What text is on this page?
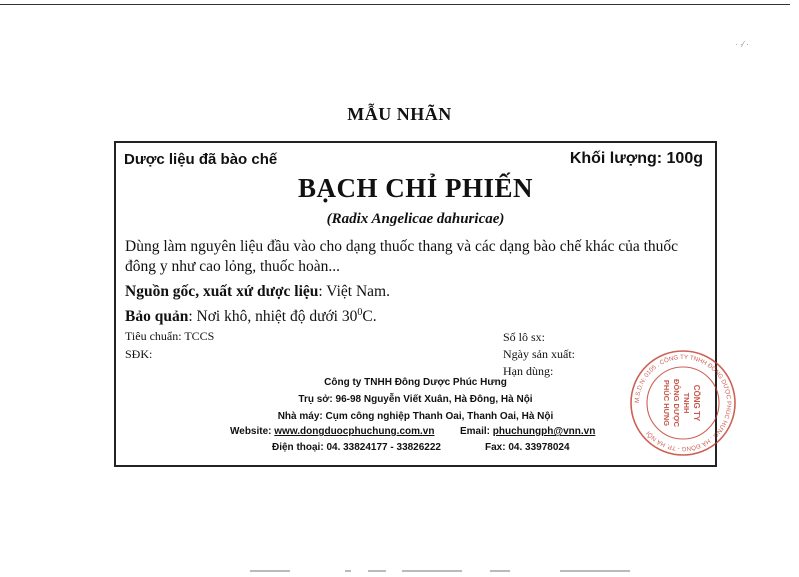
· ·⁄ ·
MẪU NHÃN
Dược liệu đã bào chế	Khối lượng: 100g
BẠCH CHỈ PHIẾN
(Radix Angelicae dahuricae)
Dùng làm nguyên liệu đầu vào cho dạng thuốc thang và các dạng bào chế khác của thuốc đông y như cao lỏng, thuốc hoàn...
Nguồn gốc, xuất xứ dược liệu: Việt Nam.
Bảo quản: Nơi khô, nhiệt độ dưới $30^0C$.
Tiêu chuẩn: TCCS
SĐK:
Số lô sx:
Ngày sản xuất:
Hạn dùng:
Công ty TNHH Đông Dược Phúc Hưng
Trụ sở: 96-98 Nguyễn Viết Xuân, Hà Đông, Hà Nội
Nhà máy: Cụm công nghiệp Thanh Oai, Thanh Oai, Hà Nội
Website: www.dongduocphuchung.com.vn	Email: phuchungph@vnn.vn
Điện thoại: 04. 33824177 - 33826222	Fax: 04. 33978024
M.S.D.N: 0105 . CÔNG TY TNHH ĐÔNG DƯỢC PHÚC HƯNG . HÀ ĐÔNG - TP. HÀ NỘI
CÔNG TY
TNHH
ĐÔNG DƯỢC
PHÚC HƯNG
